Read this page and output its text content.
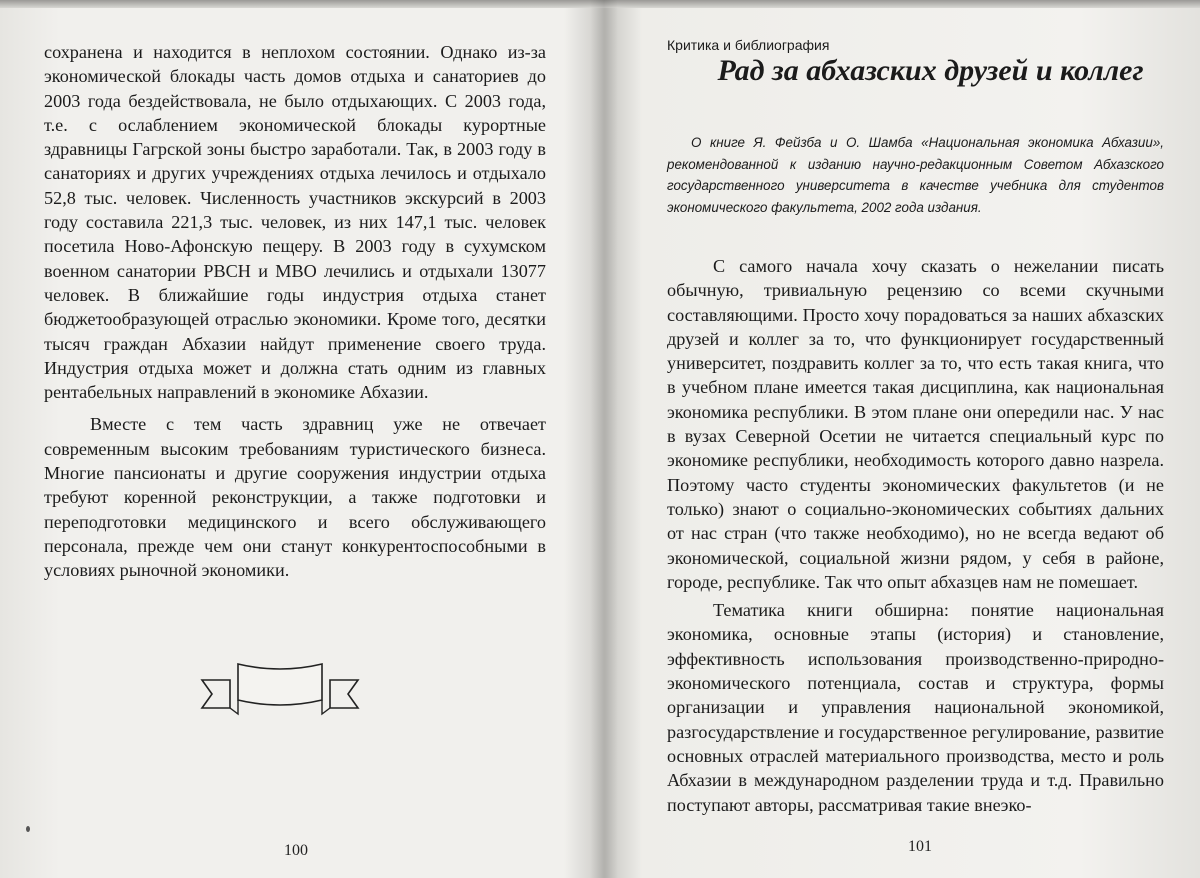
сохранена и находится в неплохом состоянии. Однако из-за экономической блокады часть домов отдыха и санаториев до 2003 года бездействовала, не было отдыхающих. С 2003 года, т.е. с ослаблением экономической блокады курортные здравницы Гагрской зоны быстро заработали. Так, в 2003 году в санаториях и других учреждениях отдыха лечилось и отдыхало 52,8 тыс. человек. Численность участников экскурсий в 2003 году составила 221,3 тыс. человек, из них 147,1 тыс. человек посетила Ново-Афонскую пещеру. В 2003 году в сухумском военном санатории РВСН и МВО лечились и отдыхали 13077 человек. В ближайшие годы индустрия отдыха станет бюджетообразующей отраслью экономики. Кроме того, десятки тысяч граждан Абхазии найдут применение своего труда. Индустрия отдыха может и должна стать одним из главных рентабельных направлений в экономике Абхазии.

Вместе с тем часть здравниц уже не отвечает современным высоким требованиям туристического бизнеса. Многие пансионаты и другие сооружения индустрии отдыха требуют коренной реконструкции, а также подготовки и переподготовки медицинского и всего обслуживающего персонала, прежде чем они станут конкурентоспособными в условиях рыночной экономики.

100

Критика и библиография

Рад за абхазских друзей и коллег

О книге Я. Фейзба и О. Шамба «Национальная экономика Абхазии», рекомендованной к изданию научно-редакционным Советом Абхазского государственного университета в качестве учебника для студентов экономического факультета, 2002 года издания.

С самого начала хочу сказать о нежелании писать обычную, тривиальную рецензию со всеми скучными составляющими. Просто хочу порадоваться за наших абхазских друзей и коллег за то, что функционирует государственный университет, поздравить коллег за то, что есть такая книга, что в учебном плане имеется такая дисциплина, как национальная экономика республики. В этом плане они опередили нас. У нас в вузах Северной Осетии не читается специальный курс по экономике республики, необходимость которого давно назрела. Поэтому часто студенты экономических факультетов (и не только) знают о социально-экономических событиях дальних от нас стран (что также необходимо), но не всегда ведают об экономической, социальной жизни рядом, у себя в районе, городе, республике. Так что опыт абхазцев нам не помешает.

Тематика книги обширна: понятие национальная экономика, основные этапы (история) и становление, эффективность использования производственно-природно-экономического потенциала, состав и структура, формы организации и управления национальной экономикой, разгосударствление и государственное регулирование, развитие основных отраслей материального производства, место и роль Абхазии в международном разделении труда и т.д. Правильно поступают авторы, рассматривая такие внеэко-

101
